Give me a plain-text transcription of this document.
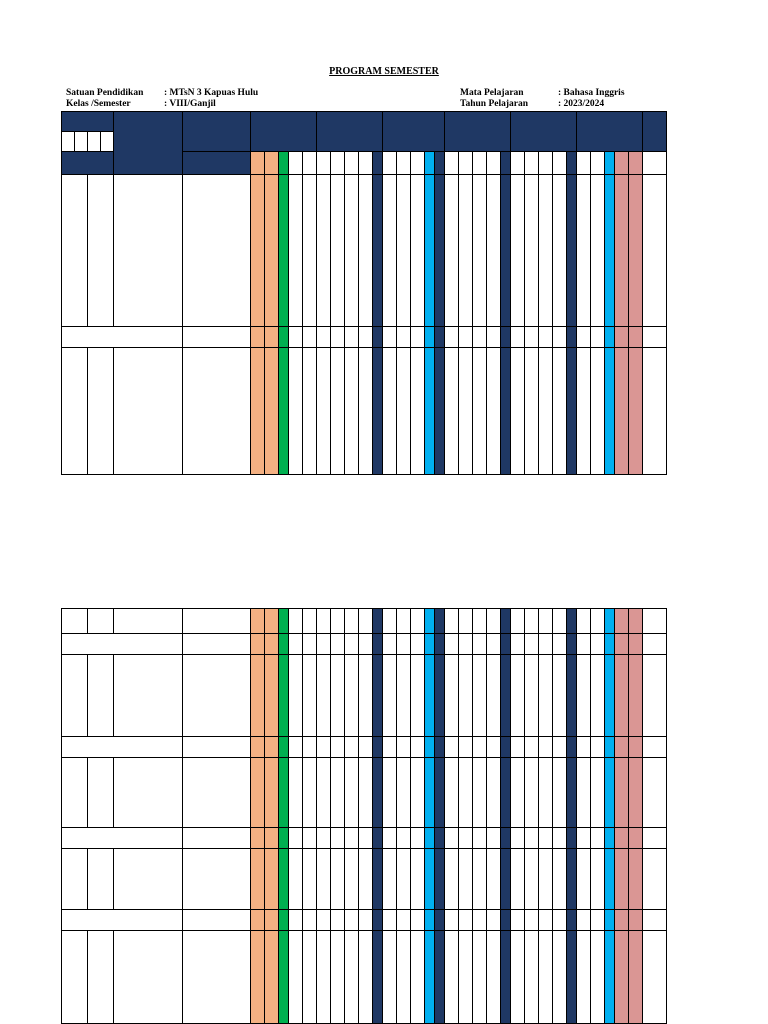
PROGRAM SEMESTER
Satuan Pendidikan : MTsN 3 Kapuas Hulu
Kelas /Semester	: VIII/Ganjil
Mata Pelajaran	: Bahasa Inggris
Tahun Pelajaran	: 2023/2024
